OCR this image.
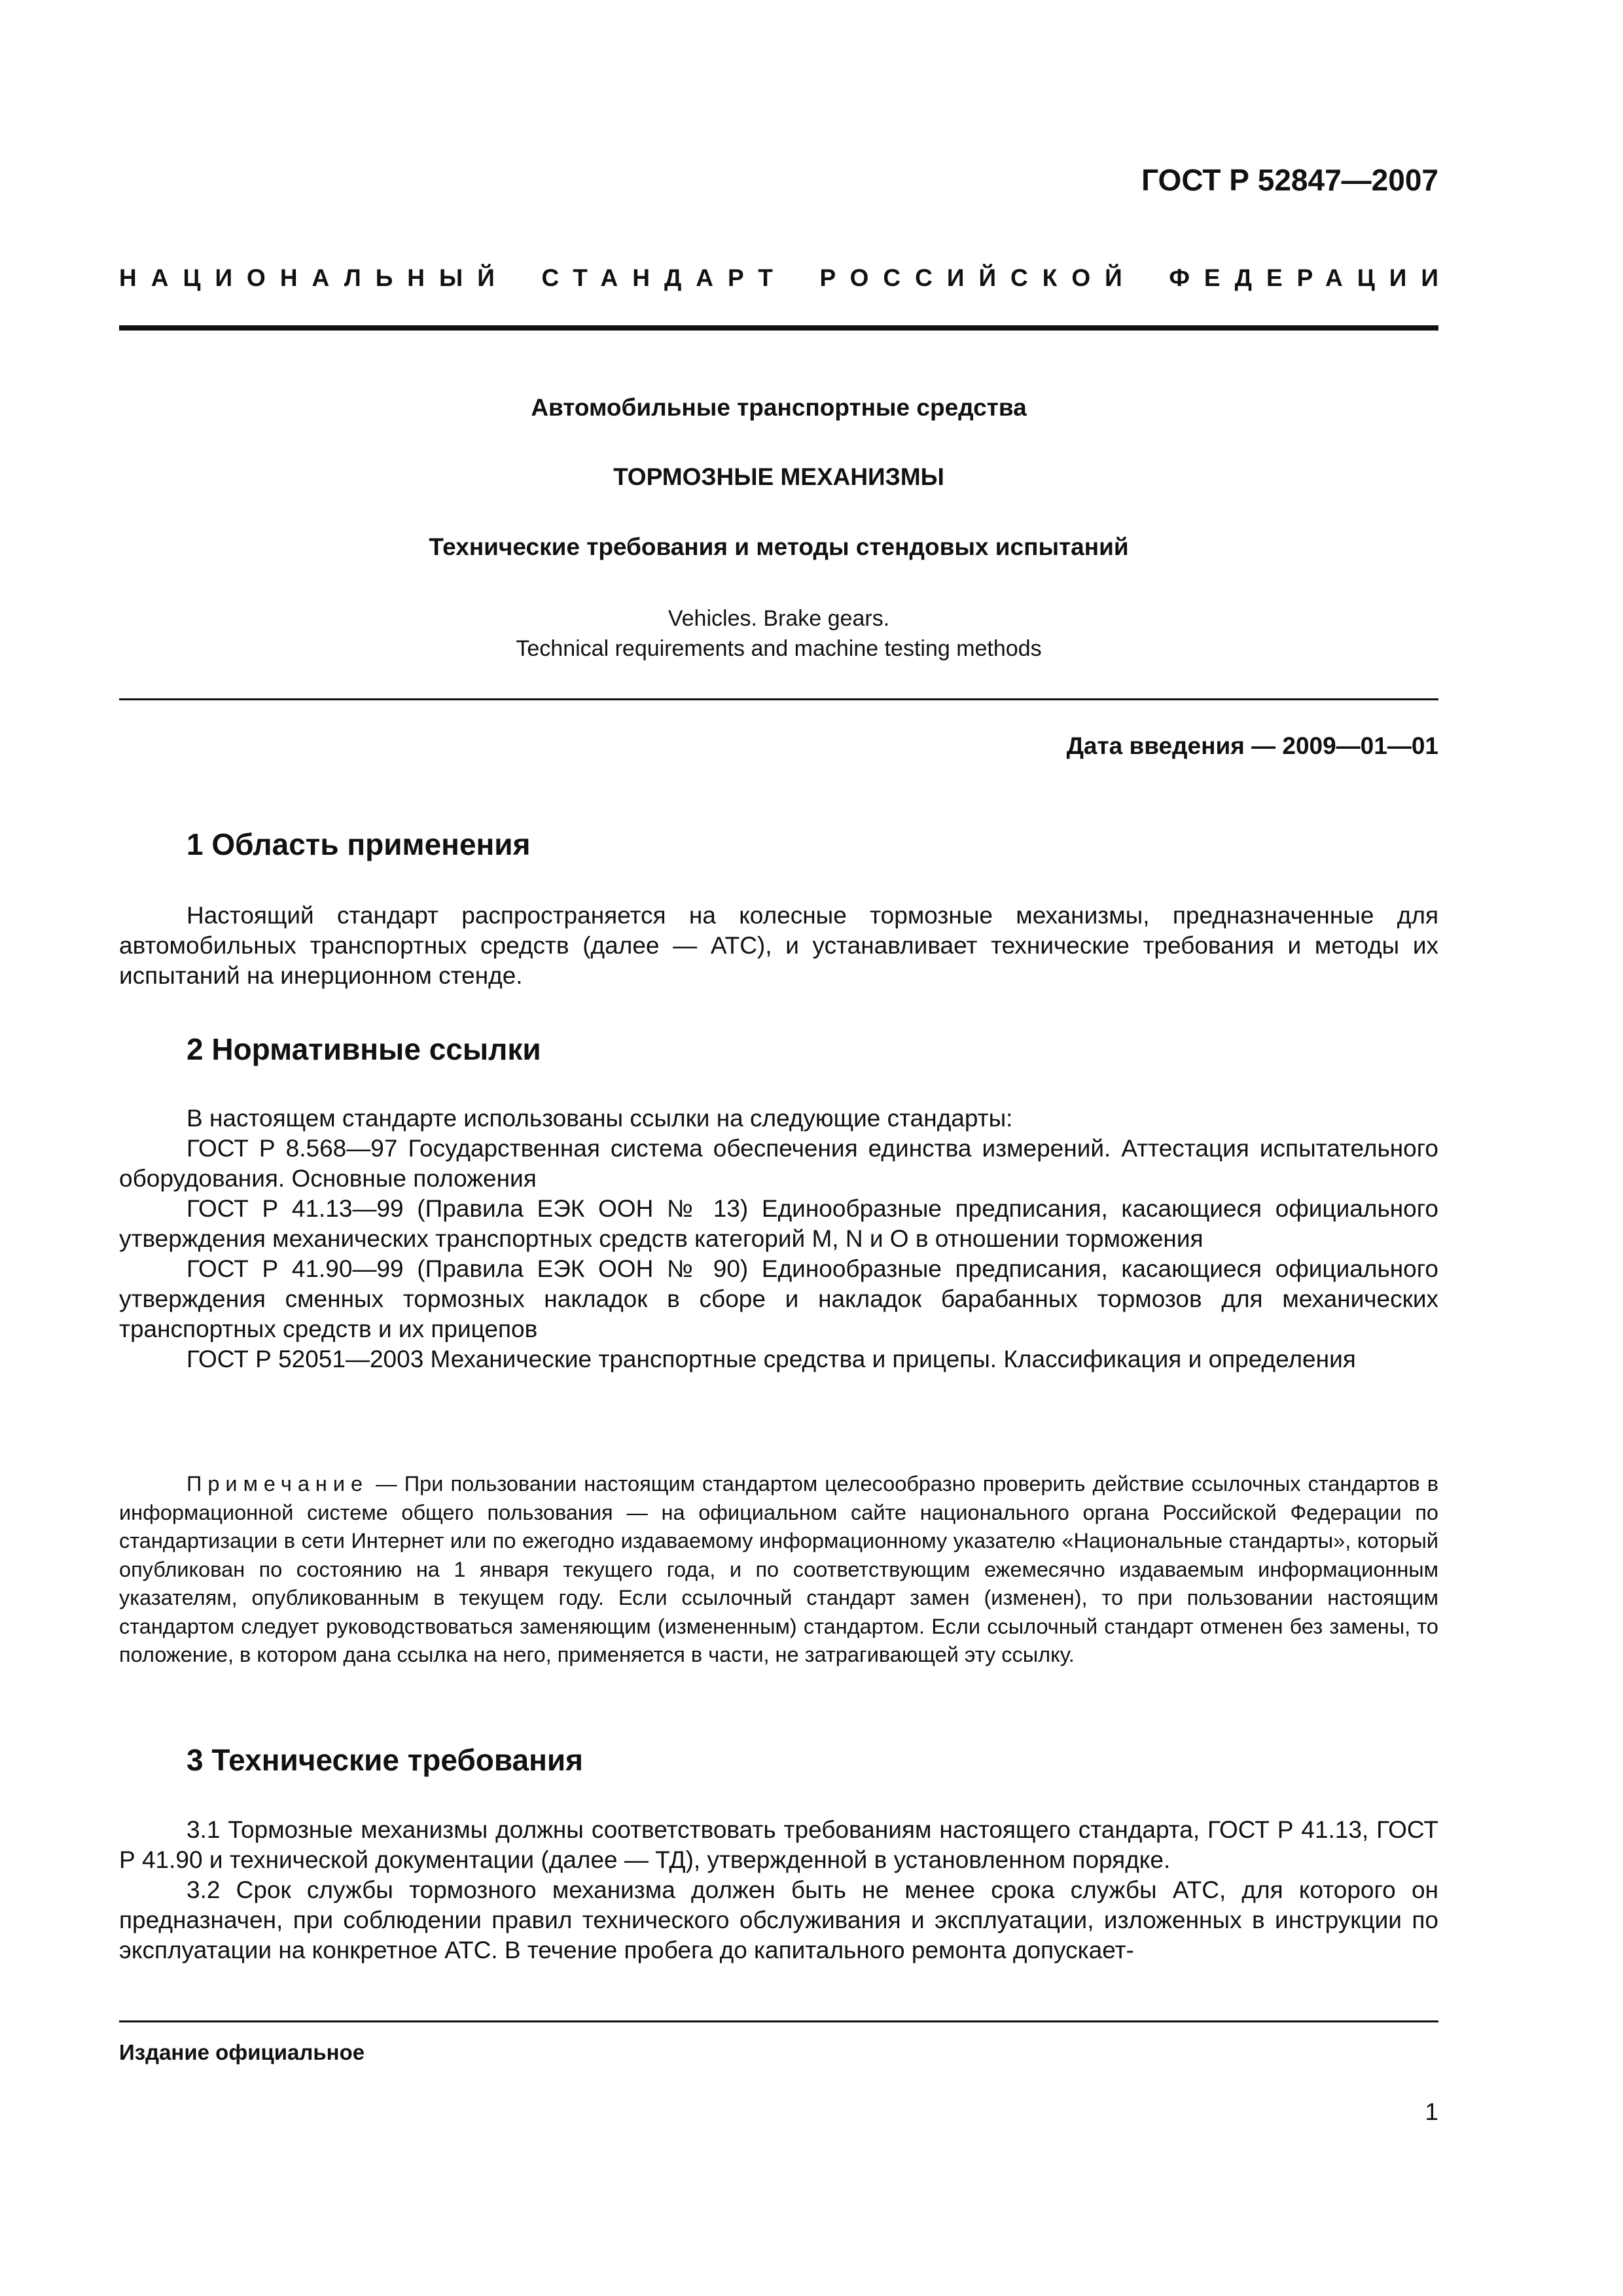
ГОСТ Р 52847—2007
НАЦИОНАЛЬНЫЙ СТАНДАРТ РОССИЙСКОЙ ФЕДЕРАЦИИ
Автомобильные транспортные средства
ТОРМОЗНЫЕ МЕХАНИЗМЫ
Технические требования и методы стендовых испытаний
Vehicles. Brake gears.
Technical requirements and machine testing methods
Дата введения — 2009—01—01
1 Область применения

Настоящий стандарт распространяется на колесные тормозные механизмы, предназначенные для автомобильных транспортных средств (далее — АТС), и устанавливает технические требования и методы их испытаний на инерционном стенде.

2 Нормативные ссылки

В настоящем стандарте использованы ссылки на следующие стандарты:

ГОСТ Р 8.568—97 Государственная система обеспечения единства измерений. Аттестация испытательного оборудования. Основные положения

ГОСТ Р 41.13—99 (Правила ЕЭК ООН № 13) Единообразные предписания, касающиеся официального утверждения механических транспортных средств категорий M, N и O в отношении торможения

ГОСТ Р 41.90—99 (Правила ЕЭК ООН № 90) Единообразные предписания, касающиеся официального утверждения сменных тормозных накладок в сборе и накладок барабанных тормозов для механических транспортных средств и их прицепов

ГОСТ Р 52051—2003 Механические транспортные средства и прицепы. Классификация и определения

Примечание — При пользовании настоящим стандартом целесообразно проверить действие ссылочных стандартов в информационной системе общего пользования — на официальном сайте национального органа Российской Федерации по стандартизации в сети Интернет или по ежегодно издаваемому информационному указателю «Национальные стандарты», который опубликован по состоянию на 1 января текущего года, и по соответствующим ежемесячно издаваемым информационным указателям, опубликованным в текущем году. Если ссылочный стандарт замен (изменен), то при пользовании настоящим стандартом следует руководствоваться заменяющим (измененным) стандартом. Если ссылочный стандарт отменен без замены, то положение, в котором дана ссылка на него, применяется в части, не затрагивающей эту ссылку.
3 Технические требования

3.1 Тормозные механизмы должны соответствовать требованиям настоящего стандарта, ГОСТ Р 41.13, ГОСТ Р 41.90 и технической документации (далее — ТД), утвержденной в установленном порядке.

3.2 Срок службы тормозного механизма должен быть не менее срока службы АТС, для которого он предназначен, при соблюдении правил технического обслуживания и эксплуатации, изложенных в инструкции по эксплуатации на конкретное АТС. В течение пробега до капитального ремонта допускает-

Издание официальное
1
